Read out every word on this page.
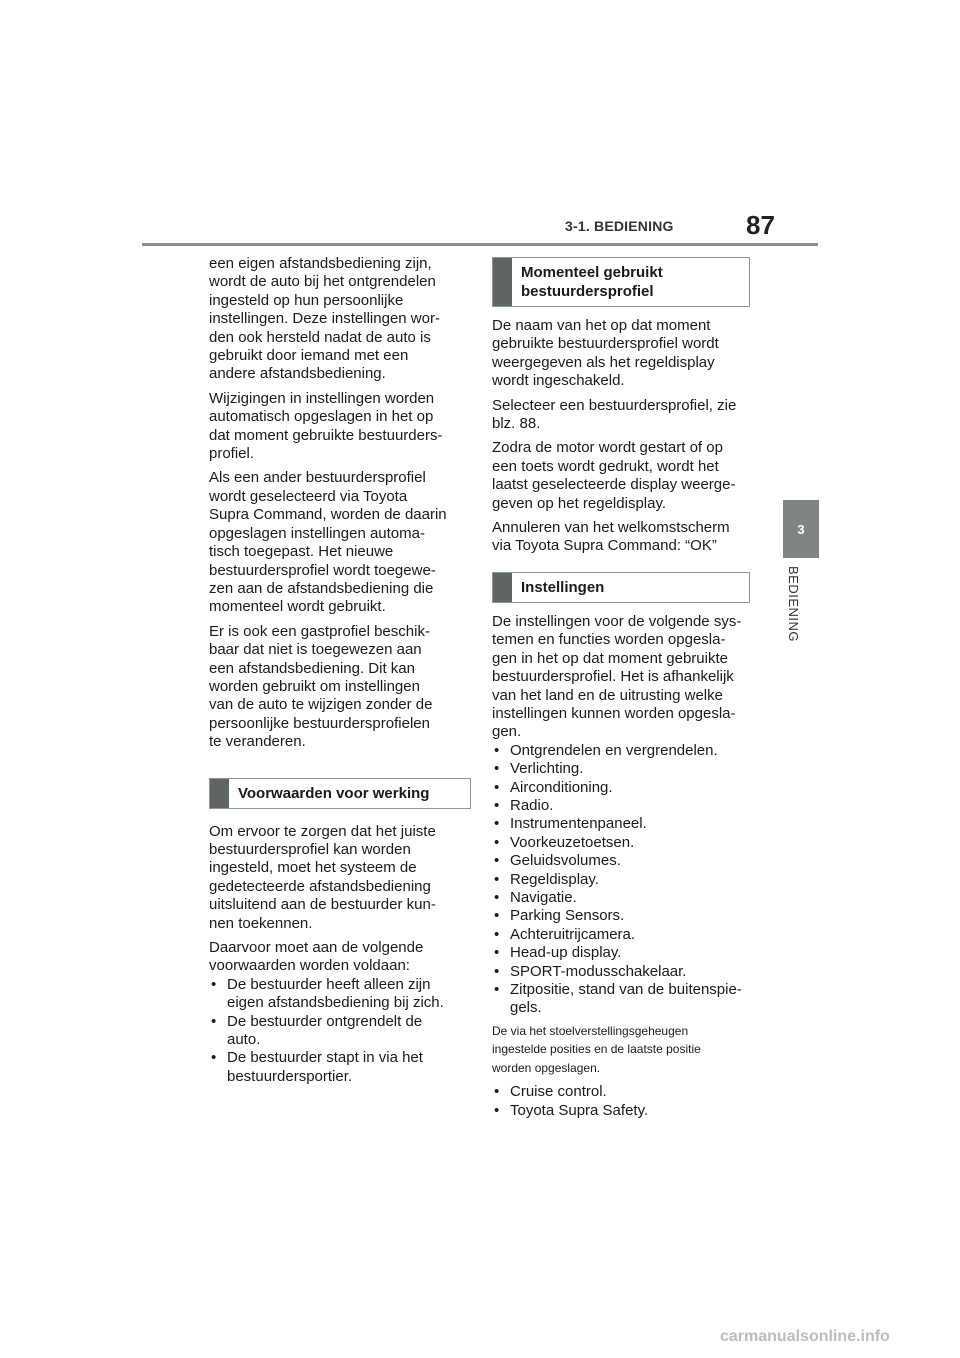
3-1. BEDIENING	87
3
BEDIENING

een eigen afstandsbediening zijn,
wordt de auto bij het ontgrendelen
ingesteld op hun persoonlijke
instellingen. Deze instellingen wor-
den ook hersteld nadat de auto is
gebruikt door iemand met een
andere afstandsbediening.

Wijzigingen in instellingen worden
automatisch opgeslagen in het op
dat moment gebruikte bestuurders-
profiel.

Als een ander bestuurdersprofiel
wordt geselecteerd via Toyota
Supra Command, worden de daarin
opgeslagen instellingen automa-
tisch toegepast. Het nieuwe
bestuurdersprofiel wordt toegewe-
zen aan de afstandsbediening die
momenteel wordt gebruikt.

Er is ook een gastprofiel beschik-
baar dat niet is toegewezen aan
een afstandsbediening. Dit kan
worden gebruikt om instellingen
van de auto te wijzigen zonder de
persoonlijke bestuurdersprofielen
te veranderen.

Voorwaarden voor werking

Om ervoor te zorgen dat het juiste
bestuurdersprofiel kan worden
ingesteld, moet het systeem de
gedetecteerde afstandsbediening
uitsluitend aan de bestuurder kun-
nen toekennen.

Daarvoor moet aan de volgende
voorwaarden worden voldaan:

• De bestuurder heeft alleen zijn
eigen afstandsbediening bij zich.
• De bestuurder ontgrendelt de
auto.
• De bestuurder stapt in via het
bestuurdersportier.
Momenteel gebruikt
bestuurdersprofiel

De naam van het op dat moment
gebruikte bestuurdersprofiel wordt
weergegeven als het regeldisplay
wordt ingeschakeld.

Selecteer een bestuurdersprofiel, zie
blz. 88.

Zodra de motor wordt gestart of op
een toets wordt gedrukt, wordt het
laatst geselecteerde display weerge-
geven op het regeldisplay.

Annuleren van het welkomstscherm
via Toyota Supra Command: “OK”

Instellingen

De instellingen voor de volgende sys-
temen en functies worden opgesla-
gen in het op dat moment gebruikte
bestuurdersprofiel. Het is afhankelijk
van het land en de uitrusting welke
instellingen kunnen worden opgesla-
gen.

• Ontgrendelen en vergrendelen.
• Verlichting.
• Airconditioning.
• Radio.
• Instrumentenpaneel.
• Voorkeuzetoetsen.
• Geluidsvolumes.
• Regeldisplay.
• Navigatie.
• Parking Sensors.
• Achteruitrijcamera.
• Head-up display.
• SPORT-modusschakelaar.
• Zitpositie, stand van de buitenspie-
gels.

De via het stoelverstellingsgeheugen
ingestelde posities en de laatste positie
worden opgeslagen.

• Cruise control.
• Toyota Supra Safety.
carmanualsonline.info
